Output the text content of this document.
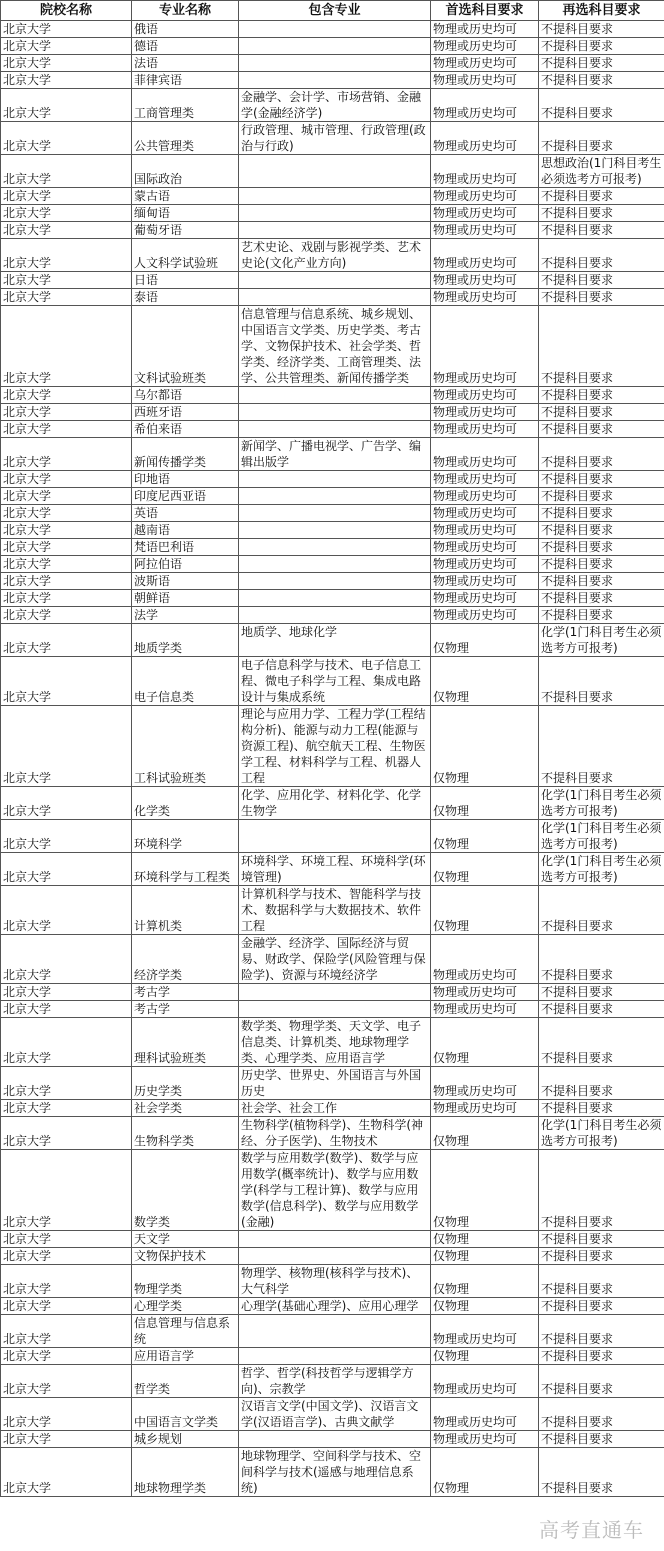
院校名称	专业名称	包含专业	首选科目要求	再选科目要求
北京大学	俄语		物理或历史均可	不提科目要求
北京大学	德语		物理或历史均可	不提科目要求
北京大学	法语		物理或历史均可	不提科目要求
北京大学	菲律宾语		物理或历史均可	不提科目要求
北京大学	工商管理类	金融学、会计学、市场营销、金融学(金融经济学)	物理或历史均可	不提科目要求
北京大学	公共管理类	行政管理、城市管理、行政管理(政治与行政)	物理或历史均可	不提科目要求
北京大学	国际政治		物理或历史均可	思想政治(1门科目考生必须选考方可报考)
北京大学	蒙古语		物理或历史均可	不提科目要求
北京大学	缅甸语		物理或历史均可	不提科目要求
北京大学	葡萄牙语		物理或历史均可	不提科目要求
北京大学	人文科学试验班	艺术史论、戏剧与影视学类、艺术史论(文化产业方向)	物理或历史均可	不提科目要求
北京大学	日语		物理或历史均可	不提科目要求
北京大学	泰语		物理或历史均可	不提科目要求
北京大学	文科试验班类	信息管理与信息系统、城乡规划、中国语言文学类、历史学类、考古学、文物保护技术、社会学类、哲学类、经济学类、工商管理类、法学、公共管理类、新闻传播学类	物理或历史均可	不提科目要求
北京大学	乌尔都语		物理或历史均可	不提科目要求
北京大学	西班牙语		物理或历史均可	不提科目要求
北京大学	希伯来语		物理或历史均可	不提科目要求
北京大学	新闻传播学类	新闻学、广播电视学、广告学、编辑出版学	物理或历史均可	不提科目要求
北京大学	印地语		物理或历史均可	不提科目要求
北京大学	印度尼西亚语		物理或历史均可	不提科目要求
北京大学	英语		物理或历史均可	不提科目要求
北京大学	越南语		物理或历史均可	不提科目要求
北京大学	梵语巴利语		物理或历史均可	不提科目要求
北京大学	阿拉伯语		物理或历史均可	不提科目要求
北京大学	波斯语		物理或历史均可	不提科目要求
北京大学	朝鲜语		物理或历史均可	不提科目要求
北京大学	法学		物理或历史均可	不提科目要求
北京大学	地质学类	地质学、地球化学	仅物理	化学(1门科目考生必须选考方可报考)
北京大学	电子信息类	电子信息科学与技术、电子信息工程、微电子科学与工程、集成电路设计与集成系统	仅物理	不提科目要求
北京大学	工科试验班类	理论与应用力学、工程力学(工程结构分析)、能源与动力工程(能源与资源工程)、航空航天工程、生物医学工程、材料科学与工程、机器人工程	仅物理	不提科目要求
北京大学	化学类	化学、应用化学、材料化学、化学生物学	仅物理	化学(1门科目考生必须选考方可报考)
北京大学	环境科学		仅物理	化学(1门科目考生必须选考方可报考)
北京大学	环境科学与工程类	环境科学、环境工程、环境科学(环境管理)	仅物理	化学(1门科目考生必须选考方可报考)
北京大学	计算机类	计算机科学与技术、智能科学与技术、数据科学与大数据技术、软件工程	仅物理	不提科目要求
北京大学	经济学类	金融学、经济学、国际经济与贸易、财政学、保险学(风险管理与保险学)、资源与环境经济学	物理或历史均可	不提科目要求
北京大学	考古学		物理或历史均可	不提科目要求
北京大学	考古学		物理或历史均可	不提科目要求
北京大学	理科试验班类	数学类、物理学类、天文学、电子信息类、计算机类、地球物理学类、心理学类、应用语言学	仅物理	不提科目要求
北京大学	历史学类	历史学、世界史、外国语言与外国历史	物理或历史均可	不提科目要求
北京大学	社会学类	社会学、社会工作	物理或历史均可	不提科目要求
北京大学	生物科学类	生物科学(植物科学)、生物科学(神经、分子医学)、生物技术	仅物理	化学(1门科目考生必须选考方可报考)
北京大学	数学类	数学与应用数学(数学)、数学与应用数学(概率统计)、数学与应用数学(科学与工程计算)、数学与应用数学(信息科学)、数学与应用数学(金融)	仅物理	不提科目要求
北京大学	天文学		仅物理	不提科目要求
北京大学	文物保护技术		仅物理	不提科目要求
北京大学	物理学类	物理学、核物理(核科学与技术)、大气科学	仅物理	不提科目要求
北京大学	心理学类	心理学(基础心理学)、应用心理学	仅物理	不提科目要求
北京大学	信息管理与信息系统		物理或历史均可	不提科目要求
北京大学	应用语言学		仅物理	不提科目要求
北京大学	哲学类	哲学、哲学(科技哲学与逻辑学方向)、宗教学	物理或历史均可	不提科目要求
北京大学	中国语言文学类	汉语言文学(中国文学)、汉语言文学(汉语语言学)、古典文献学	物理或历史均可	不提科目要求
北京大学	城乡规划		物理或历史均可	不提科目要求
北京大学	地球物理学类	地球物理学、空间科学与技术、空间科学与技术(遥感与地理信息系统)	仅物理	不提科目要求
高考直通车
